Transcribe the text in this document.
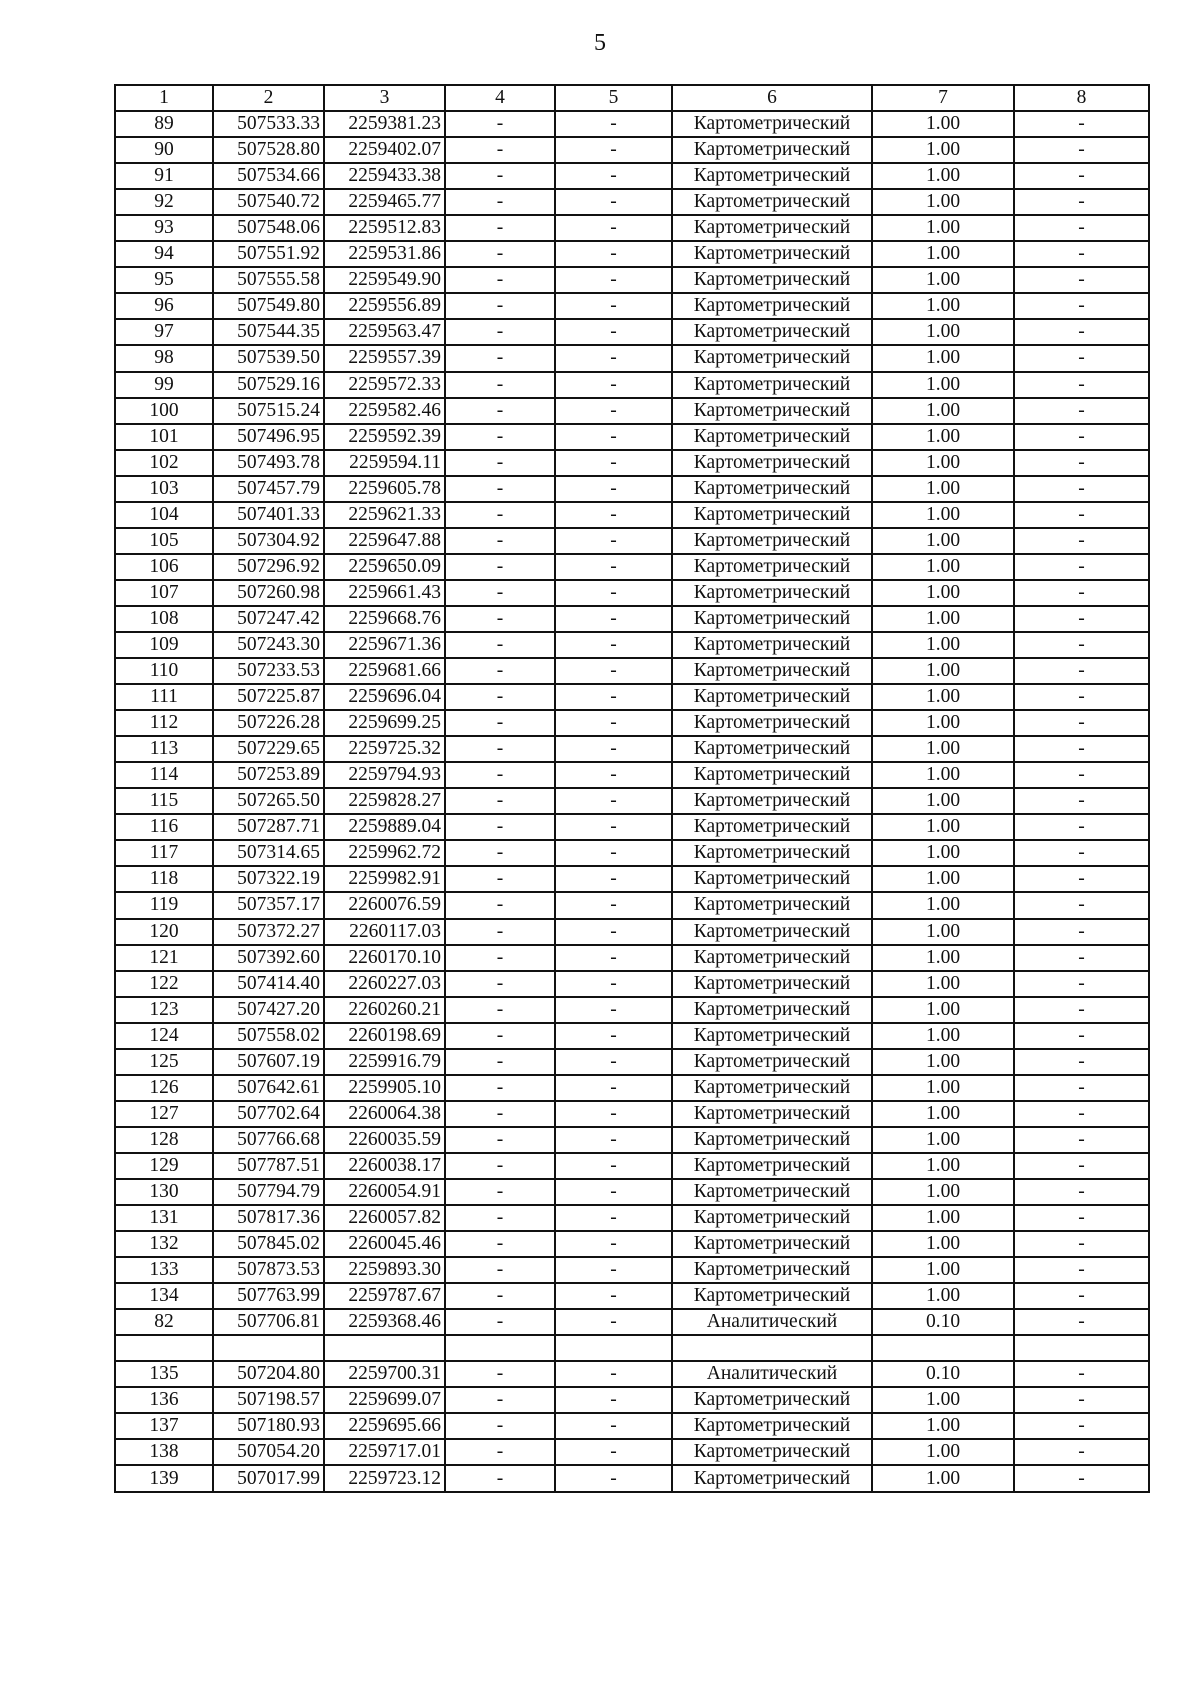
5
1	2	3	4	5	6	7	8
89	507533.33	2259381.23	-	-	Картометрический	1.00	-
90	507528.80	2259402.07	-	-	Картометрический	1.00	-
91	507534.66	2259433.38	-	-	Картометрический	1.00	-
92	507540.72	2259465.77	-	-	Картометрический	1.00	-
93	507548.06	2259512.83	-	-	Картометрический	1.00	-
94	507551.92	2259531.86	-	-	Картометрический	1.00	-
95	507555.58	2259549.90	-	-	Картометрический	1.00	-
96	507549.80	2259556.89	-	-	Картометрический	1.00	-
97	507544.35	2259563.47	-	-	Картометрический	1.00	-
98	507539.50	2259557.39	-	-	Картометрический	1.00	-
99	507529.16	2259572.33	-	-	Картометрический	1.00	-
100	507515.24	2259582.46	-	-	Картометрический	1.00	-
101	507496.95	2259592.39	-	-	Картометрический	1.00	-
102	507493.78	2259594.11	-	-	Картометрический	1.00	-
103	507457.79	2259605.78	-	-	Картометрический	1.00	-
104	507401.33	2259621.33	-	-	Картометрический	1.00	-
105	507304.92	2259647.88	-	-	Картометрический	1.00	-
106	507296.92	2259650.09	-	-	Картометрический	1.00	-
107	507260.98	2259661.43	-	-	Картометрический	1.00	-
108	507247.42	2259668.76	-	-	Картометрический	1.00	-
109	507243.30	2259671.36	-	-	Картометрический	1.00	-
110	507233.53	2259681.66	-	-	Картометрический	1.00	-
111	507225.87	2259696.04	-	-	Картометрический	1.00	-
112	507226.28	2259699.25	-	-	Картометрический	1.00	-
113	507229.65	2259725.32	-	-	Картометрический	1.00	-
114	507253.89	2259794.93	-	-	Картометрический	1.00	-
115	507265.50	2259828.27	-	-	Картометрический	1.00	-
116	507287.71	2259889.04	-	-	Картометрический	1.00	-
117	507314.65	2259962.72	-	-	Картометрический	1.00	-
118	507322.19	2259982.91	-	-	Картометрический	1.00	-
119	507357.17	2260076.59	-	-	Картометрический	1.00	-
120	507372.27	2260117.03	-	-	Картометрический	1.00	-
121	507392.60	2260170.10	-	-	Картометрический	1.00	-
122	507414.40	2260227.03	-	-	Картометрический	1.00	-
123	507427.20	2260260.21	-	-	Картометрический	1.00	-
124	507558.02	2260198.69	-	-	Картометрический	1.00	-
125	507607.19	2259916.79	-	-	Картометрический	1.00	-
126	507642.61	2259905.10	-	-	Картометрический	1.00	-
127	507702.64	2260064.38	-	-	Картометрический	1.00	-
128	507766.68	2260035.59	-	-	Картометрический	1.00	-
129	507787.51	2260038.17	-	-	Картометрический	1.00	-
130	507794.79	2260054.91	-	-	Картометрический	1.00	-
131	507817.36	2260057.82	-	-	Картометрический	1.00	-
132	507845.02	2260045.46	-	-	Картометрический	1.00	-
133	507873.53	2259893.30	-	-	Картометрический	1.00	-
134	507763.99	2259787.67	-	-	Картометрический	1.00	-
82	507706.81	2259368.46	-	-	Аналитический	0.10	-

135	507204.80	2259700.31	-	-	Аналитический	0.10	-
136	507198.57	2259699.07	-	-	Картометрический	1.00	-
137	507180.93	2259695.66	-	-	Картометрический	1.00	-
138	507054.20	2259717.01	-	-	Картометрический	1.00	-
139	507017.99	2259723.12	-	-	Картометрический	1.00	-
